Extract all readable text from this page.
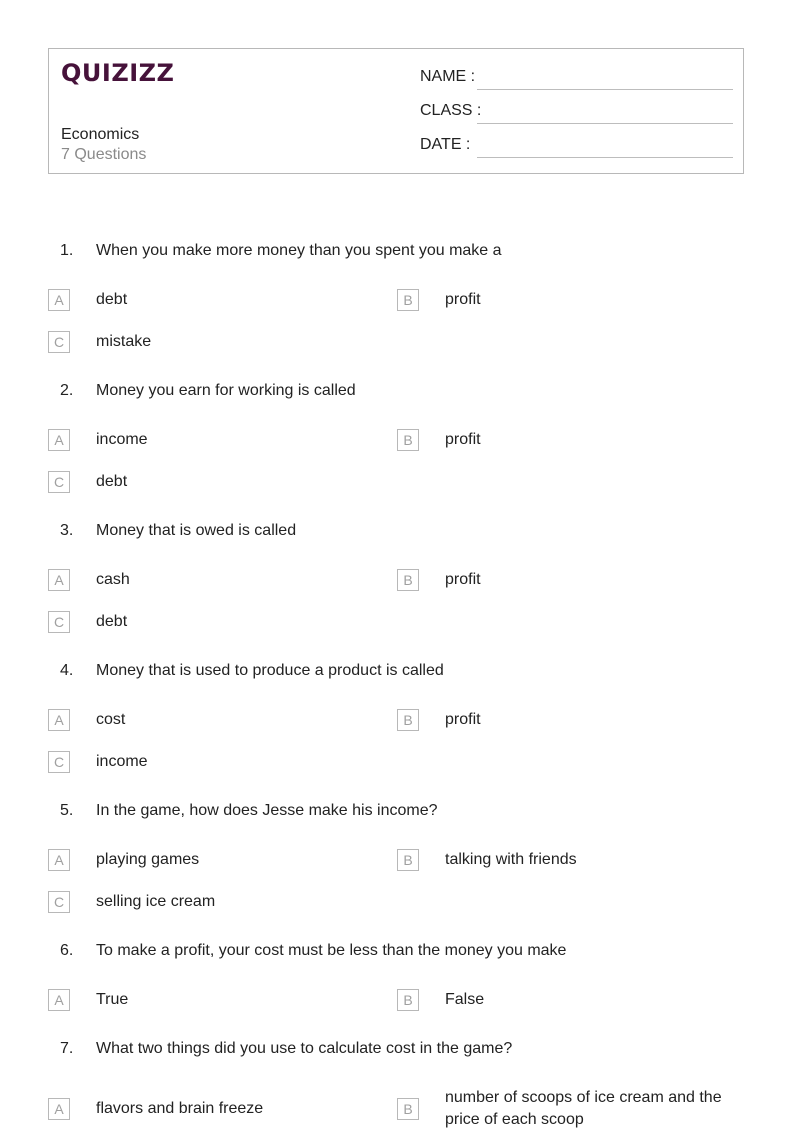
QUIZIZZ
Economics
7 Questions
NAME :
CLASS :
DATE :
1. When you make more money than you spent you make a
A	debt	B	profit
C	mistake
2. Money you earn for working is called
A	income	B	profit
C	debt
3. Money that is owed is called
A	cash	B	profit
C	debt
4. Money that is used to produce a product is called
A	cost	B	profit
C	income
5. In the game, how does Jesse make his income?
A	playing games	B	talking with friends
C	selling ice cream
6. To make a profit, your cost must be less than the money you make
A	True	B	False
7. What two things did you use to calculate cost in the game?
A	flavors and brain freeze	B
number of scoops of ice cream and the price of each scoop
